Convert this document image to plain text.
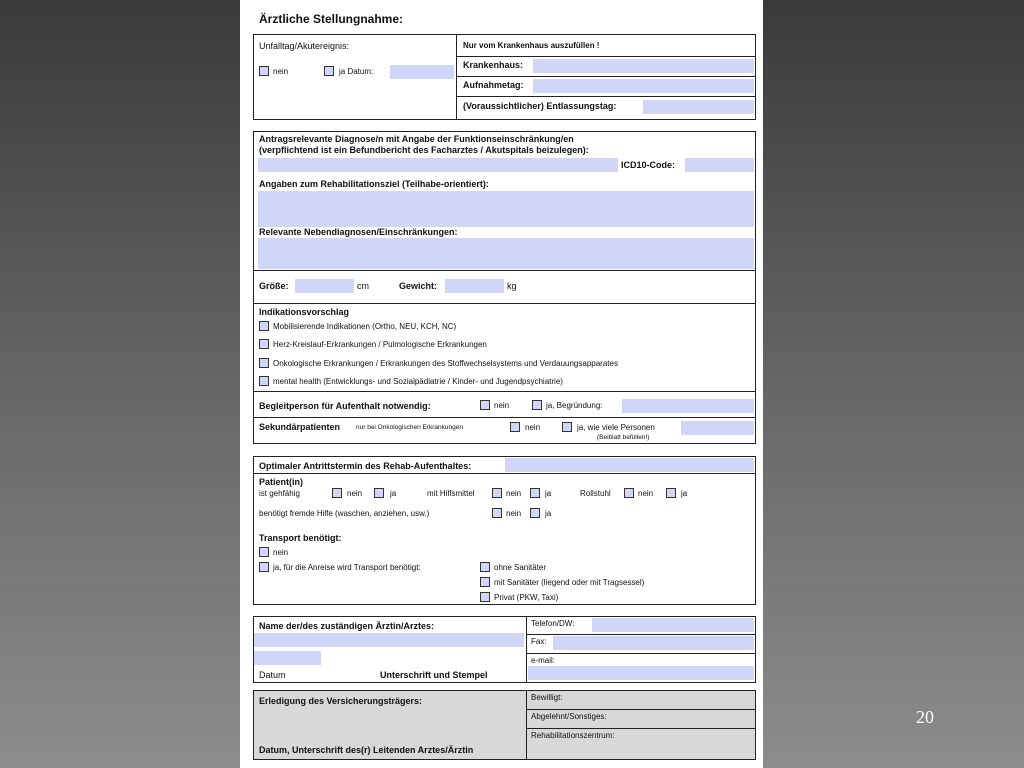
Ärztliche Stellungnahme:
Unfalltag/Akutereignis:
nein	ja Datum:
Nur vom Krankenhaus auszufüllen !
Krankenhaus:
Aufnahmetag:
(Voraussichtlicher) Entlassungstag:
Antragsrelevante Diagnose/n mit Angabe der Funktionseinschränkung/en
(verpflichtend ist ein Befundbericht des Facharztes / Akutspitals beizulegen):
ICD10-Code:
Angaben zum Rehabilitationsziel (Teilhabe-orientiert):
Relevante Nebendiagnosen/Einschränkungen:
Größe:	cm	Gewicht:	kg
Indikationsvorschlag
Mobilisierende Indikationen (Ortho, NEU, KCH, NC)
Herz-Kreislauf-Erkrankungen / Pulmologische Erkrankungen
Onkologische Erkrankungen / Erkrankungen des Stoffwechselsystems und Verdauungsapparates
mental health (Entwicklungs- und Sozialpädiatrie / Kinder- und Jugendpsychiatrie)
Begleitperson für Aufenthalt notwendig:	nein	ja, Begründung:
Sekundärpatienten nur bei Onkologischen Erkrankungen	nein	ja, wie viele Personen
(Beiblatt befüllen!)
Optimaler Antrittstermin des Rehab-Aufenthaltes:
Patient(in)
ist gehfähig	nein	ja	mit Hilfsmittel	nein	ja	Rollstuhl	nein	ja
benötigt fremde Hilfe (waschen, anziehen, usw.)	nein	ja
Transport benötigt:
nein
ja, für die Anreise wird Transport benötigt:	ohne Sanitäter
mit Sanitäter (liegend oder mit Tragsessel)
Privat (PKW, Taxi)
Name der/des zuständigen Ärztin/Arztes:
Datum	Unterschrift und Stempel
Telefon/DW:
Fax:
e-mail:
Erledigung des Versicherungsträgers:
Datum, Unterschrift des(r) Leitenden Arztes/Ärztin
Bewilligt:
Abgelehnt/Sonstiges:
Rehabilitationszentrum:
20
